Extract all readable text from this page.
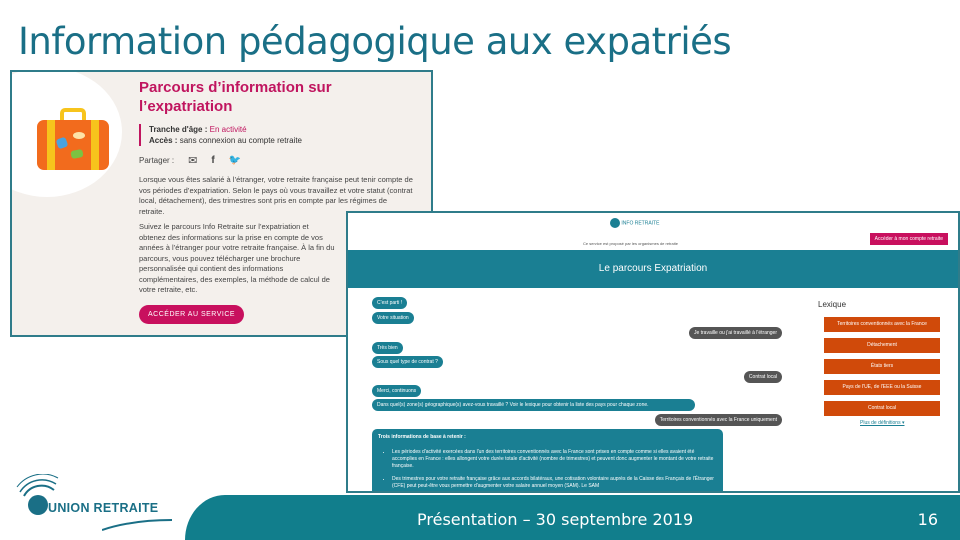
Information pédagogique aux expatriés
Parcours d’information sur l’expatriation
Tranche d'âge : En activité
Accès : sans connexion au compte retraite
Partager : ✉ f 🐦
Lorsque vous êtes salarié à l’étranger, votre retraite française peut tenir compte de vos périodes d’expatriation. Selon le pays où vous travaillez et votre statut (contrat local, détachement), des trimestres sont pris en compte par les régimes de retraite.
Suivez le parcours Info Retraite sur l’expatriation et obtenez des informations sur la prise en compte de vos années à l’étranger pour votre retraite française. À la fin du parcours, vous pouvez télécharger une brochure personnalisée qui contient des informations complémentaires, des exemples, la méthode de calcul de votre retraite, etc.
ACCÉDER AU SERVICE
INFO RETRAITE
Ce service est proposé par les organismes de retraite
Accéder à mon compte retraite
Le parcours Expatriation
C'est parti !
Votre situation
Je travaille ou j'ai travaillé à l'étranger
Très bien
Sous quel type de contrat ?
Contrat local
Merci, continuons
Dans quel(s) zone(s) géographique(s) avez-vous travaillé ? Voir le lexique pour obtenir la liste des pays pour chaque zone.
Territoires conventionnés avec la France uniquement
Trois informations de base à retenir :
• Les périodes d'activité exercées dans l'un des territoires conventionnés avec la France sont prises en compte comme si elles avaient été accomplies en France : elles allongent votre durée totale d'activité (nombre de trimestres) et peuvent donc augmenter le montant de votre retraite française.
• Des trimestres pour votre retraite française grâce aux accords bilatéraux, une cotisation volontaire auprès de la Caisse des Français de l'Étranger (CFE) peut peut-être vous permettre d'augmenter votre salaire annuel moyen (SAM). Le SAM
Lexique
Territoires conventionnés avec la France
Détachement
États tiers
Pays de l'UE, de l'EEE ou la Suisse
Contrat local
Plus de définitions ▾
UNION RETRAITE
Présentation – 30 septembre 2019	16
